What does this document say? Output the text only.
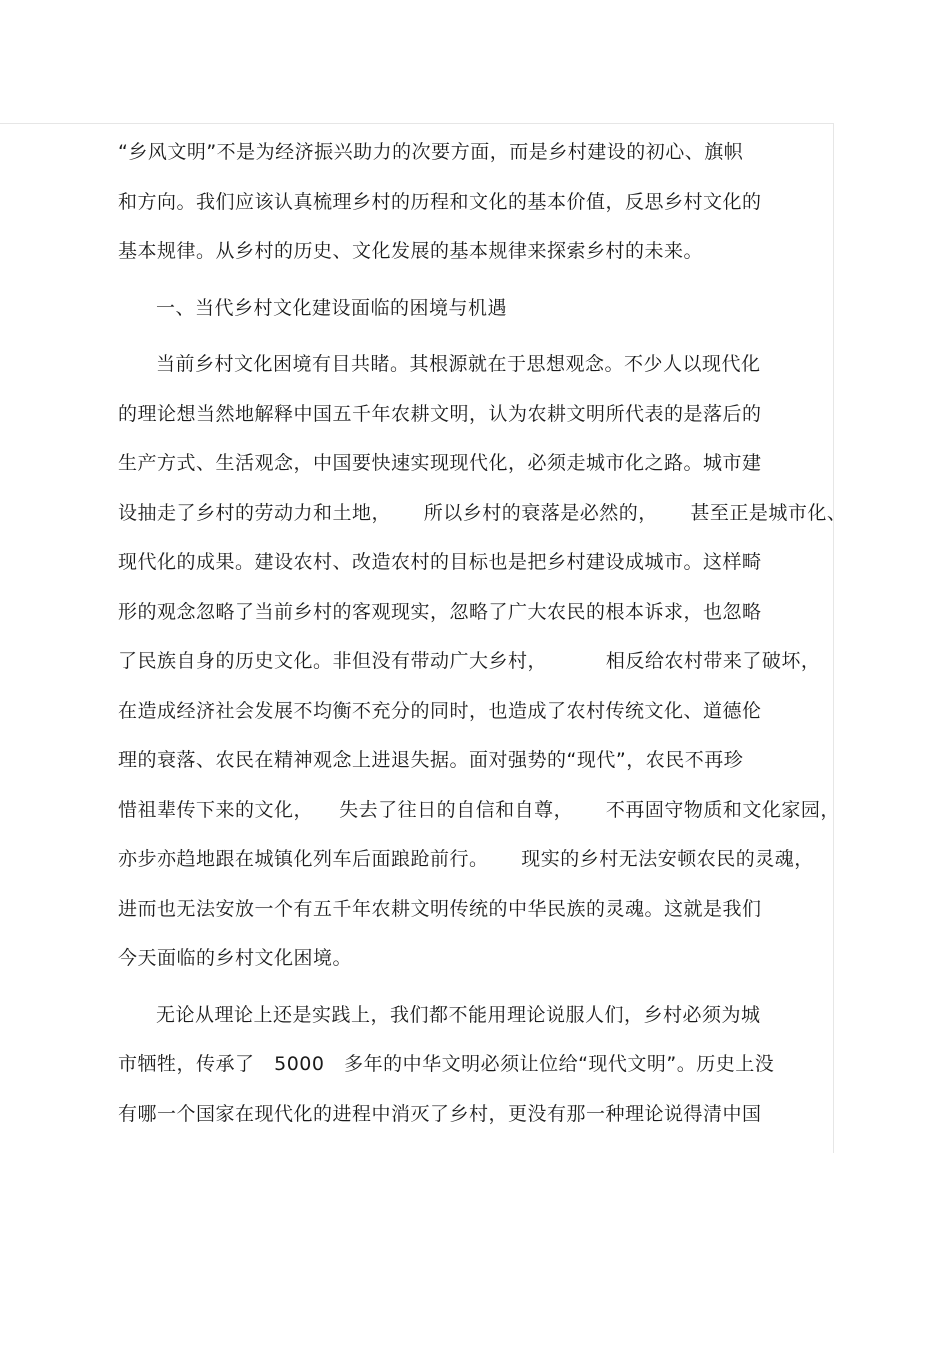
“乡风文明”不是为经济振兴助力的次要方面，而是乡村建设的初心、旗帜
和方向。我们应该认真梳理乡村的历程和文化的基本价值，反思乡村文化的
基本规律。从乡村的历史、文化发展的基本规律来探索乡村的未来。
一、当代乡村文化建设面临的困境与机遇
当前乡村文化困境有目共睹。其根源就在于思想观念。不少人以现代化
的理论想当然地解释中国五千年农耕文明，认为农耕文明所代表的是落后的
生产方式、生活观念，中国要快速实现现代化，必须走城市化之路。城市建
设抽走了乡村的劳动力和土地，     所以乡村的衰落是必然的，     甚至正是城市化、
现代化的成果。建设农村、改造农村的目标也是把乡村建设成城市。这样畸
形的观念忽略了当前乡村的客观现实，忽略了广大农民的根本诉求，也忽略
了民族自身的历史文化。非但没有带动广大乡村，         相反给农村带来了破坏，
在造成经济社会发展不均衡不充分的同时，也造成了农村传统文化、道德伦
理的衰落、农民在精神观念上进退失据。面对强势的“现代”，农民不再珍
惜祖辈传下来的文化，    失去了往日的自信和自尊，     不再固守物质和文化家园，
亦步亦趋地跟在城镇化列车后面踉跄前行。     现实的乡村无法安顿农民的灵魂，
进而也无法安放一个有五千年农耕文明传统的中华民族的灵魂。这就是我们
今天面临的乡村文化困境。
无论从理论上还是实践上，我们都不能用理论说服人们，乡村必须为城
市牺牲，传承了   5000   多年的中华文明必须让位给“现代文明”。历史上没
有哪一个国家在现代化的进程中消灭了乡村，更没有那一种理论说得清中国
